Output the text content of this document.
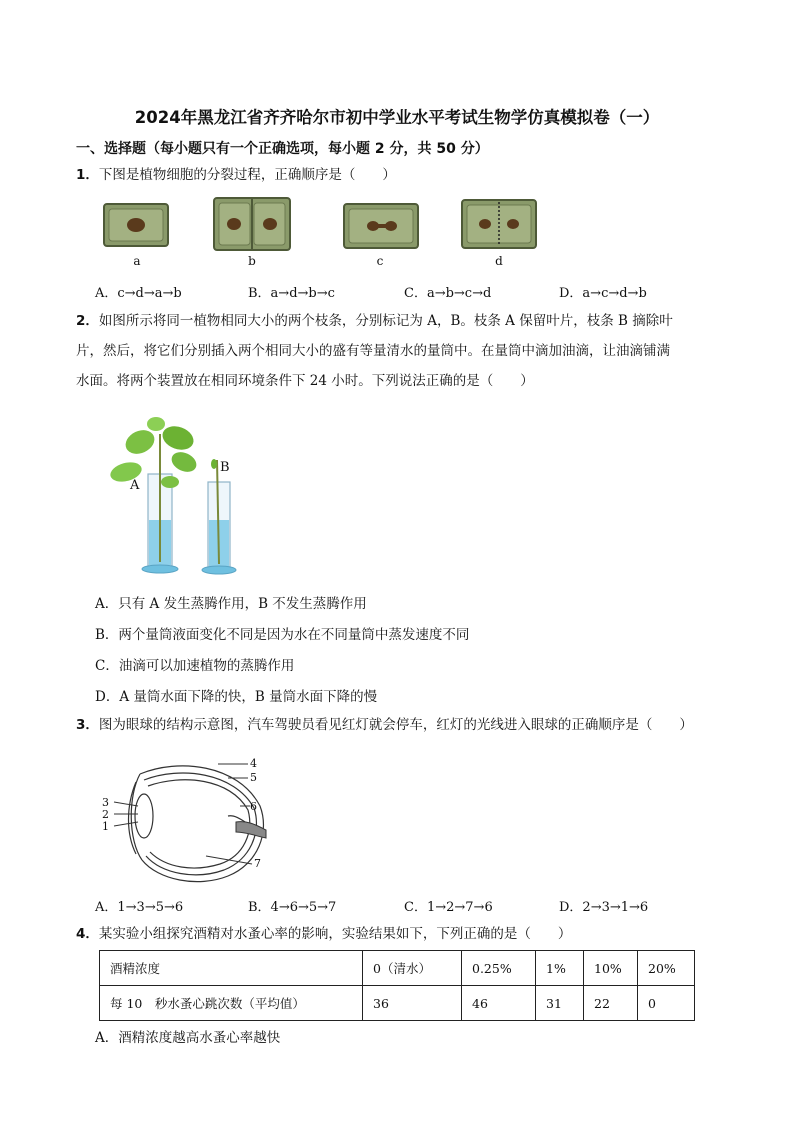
2024年黑龙江省齐齐哈尔市初中学业水平考试生物学仿真模拟卷（一）
一、选择题（每小题只有一个正确选项，每小题 2 分，共 50 分）
1．下图是植物细胞的分裂过程，正确顺序是（　　）
a	b	c	d
A．c→d→a→b	B．a→d→b→c	C．a→b→c→d	D．a→c→d→b
2．如图所示将同一植物相同大小的两个枝条，分别标记为 A，B。枝条 A 保留叶片，枝条 B 摘除叶
片，然后，将它们分别插入两个相同大小的盛有等量清水的量筒中。在量筒中滴加油滴，让油滴铺满
水面。将两个装置放在相同环境条件下 24 小时。下列说法正确的是（　　）
A
B
A．只有 A 发生蒸腾作用，B 不发生蒸腾作用
B．两个量筒液面变化不同是因为水在不同量筒中蒸发速度不同
C．油滴可以加速植物的蒸腾作用
D．A 量筒水面下降的快，B 量筒水面下降的慢
3．图为眼球的结构示意图，汽车驾驶员看见红灯就会停车，红灯的光线进入眼球的正确顺序是（　　）
4
5
3
2
1
6
7
A．1→3→5→6	B．4→6→5→7	C．1→2→7→6	D．2→3→1→6
4．某实验小组探究酒精对水蚤心率的影响，实验结果如下，下列正确的是（　　）
酒精浓度	0（清水）	0.25%	1%	10%	20%
每 10　秒水蚤心跳次数（平均值）	36	46	31	22	0
A．酒精浓度越高水蚤心率越快
